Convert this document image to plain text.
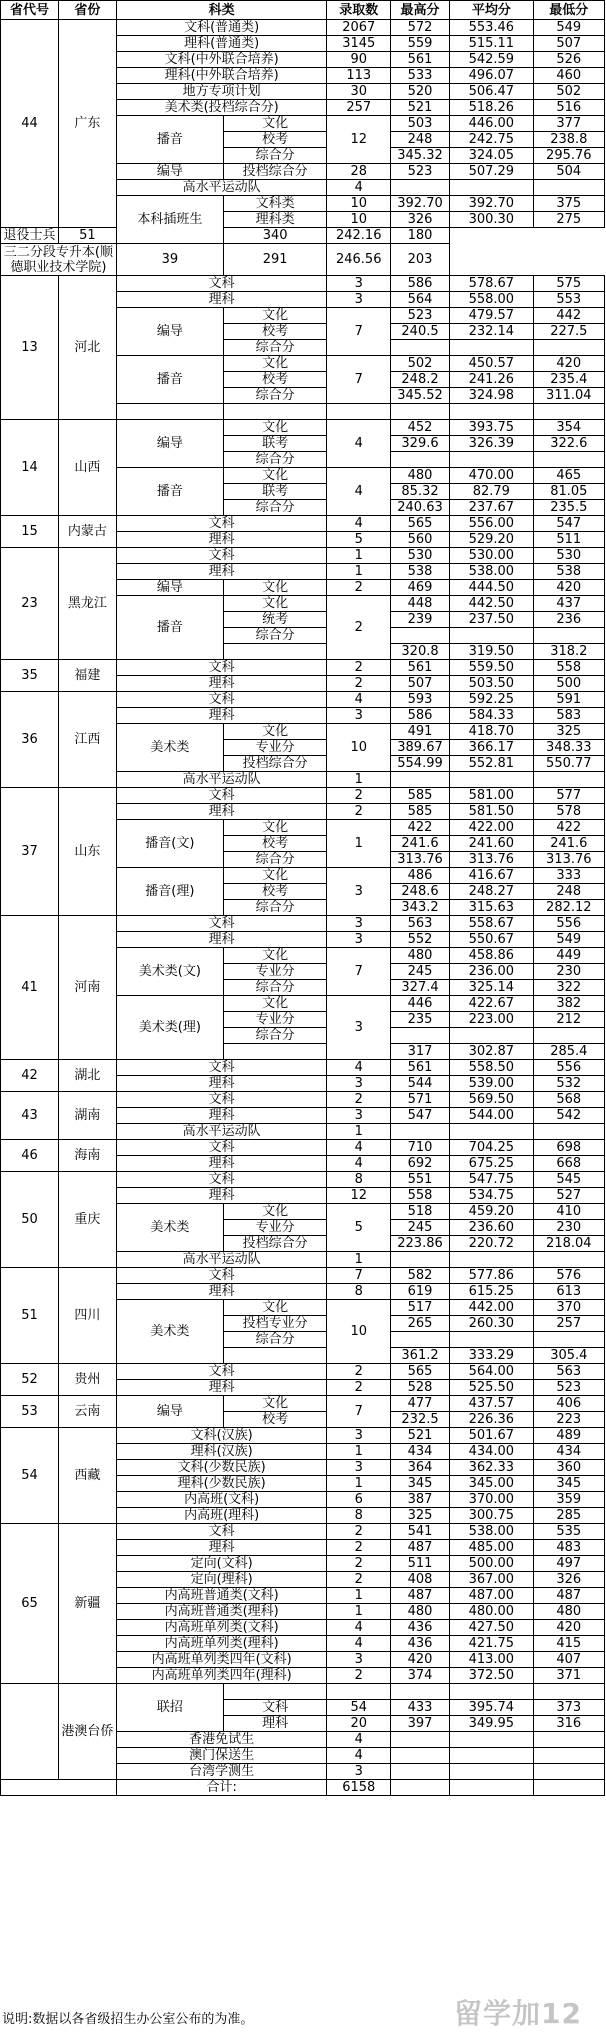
省代号	省份	科类		录取数	最高分	平均分	最低分
44	广东	文科(普通类)		2067	572	553.46	549
		理科(普通类)		3145	559	515.11	507
		文科(中外联合培养)		90	561	542.59	526
		理科(中外联合培养)		113	533	496.07	460
		地方专项计划		30	520	506.47	502
		美术类(投档综合分)		257	521	518.26	516
		播音	文化	12	503	446.00	377
			校考		248	242.75	238.8
			综合分		345.32	324.05	295.76
		编导	投档综合分	28	523	507.29	504
		高水平运动队		4			
		本科插班生	文科类	10	392.70	392.70	375
			理科类	10	326	300.30	275
退役士兵	51		340	242.16	180		
三二分段专升本(顺德职业技术学院)		39	291	246.56	203		
13	河北	文科		3	586	578.67	575
		理科		3	564	558.00	553
		编导	文化	7	523	479.57	442
			校考		240.5	232.14	227.5
			综合分				
		播音	文化	7	502	450.57	420
			校考		248.2	241.26	235.4
			综合分		345.52	324.98	311.04

14	山西	编导	文化	4	452	393.75	354
			联考		329.6	326.39	322.6
			综合分				
		播音	文化	4	480	470.00	465
			联考		85.32	82.79	81.05
			综合分		240.63	237.67	235.5
15	内蒙古	文科		4	565	556.00	547
		理科		5	560	529.20	511
23	黑龙江	文科		1	530	530.00	530
		理科		1	538	538.00	538
		编导	文化	2	469	444.50	420
		播音	文化	2	448	442.50	437
			统考		239	237.50	236
			综合分				
					320.8	319.50	318.2
35	福建	文科		2	561	559.50	558
		理科		2	507	503.50	500
36	江西	文科		4	593	592.25	591
		理科		3	586	584.33	583
		美术类	文化	10	491	418.70	325
			专业分		389.67	366.17	348.33
			投档综合分		554.99	552.81	550.77
		高水平运动队		1			
37	山东	文科		2	585	581.00	577
		理科		2	585	581.50	578
		播音(文)	文化	1	422	422.00	422
			校考		241.6	241.60	241.6
			综合分		313.76	313.76	313.76
		播音(理)	文化	3	486	416.67	333
			校考		248.6	248.27	248
			综合分		343.2	315.63	282.12
41	河南	文科		3	563	558.67	556
		理科		3	552	550.67	549
		美术类(文)	文化	7	480	458.86	449
			专业分		245	236.00	230
			综合分		327.4	325.14	322
		美术类(理)	文化	3	446	422.67	382
			专业分		235	223.00	212
			综合分				
					317	302.87	285.4
42	湖北	文科		4	561	558.50	556
		理科		3	544	539.00	532
43	湖南	文科		2	571	569.50	568
		理科		3	547	544.00	542
		高水平运动队		1			
46	海南	文科		4	710	704.25	698
		理科		4	692	675.25	668
50	重庆	文科		8	551	547.75	545
		理科		12	558	534.75	527
		美术类	文化	5	518	459.20	410
			专业分		245	236.60	230
			投档综合分		223.86	220.72	218.04
		高水平运动队		1			
51	四川	文科		7	582	577.86	576
		理科		8	619	615.25	613
		美术类	文化	10	517	442.00	370
			投档专业分		265	260.30	257
			综合分				
					361.2	333.29	305.4
52	贵州	文科		2	565	564.00	563
		理科		2	528	525.50	523
53	云南	编导	文化	7	477	437.57	406
			校考		232.5	226.36	223
54	西藏	文科(汉族)		3	521	501.67	489
		理科(汉族)		1	434	434.00	434
		文科(少数民族)		3	364	362.33	360
		理科(少数民族)		1	345	345.00	345
		内高班(文科)		6	387	370.00	359
		内高班(理科)		8	325	300.75	285
65	新疆	文科		2	541	538.00	535
		理科		2	487	485.00	483
		定向(文科)		2	511	500.00	497
		定向(理科)		2	408	367.00	326
		内高班普通类(文科)		1	487	487.00	487
		内高班普通类(理科)		1	480	480.00	480
		内高班单列类(文科)		4	436	427.50	420
		内高班单列类(理科)		4	436	421.75	415
		内高班单列类四年(文科)		3	420	413.00	407
		内高班单列类四年(理科)		2	374	372.50	371
	港澳台侨	联招					
			文科	54	433	395.74	373
			理科	20	397	349.95	316
		香港免试生		4			
		澳门保送生		4			
		台湾学测生		3			
		合计:		6158			
说明:数据以各省级招生办公室公布的为准。	留学加12
